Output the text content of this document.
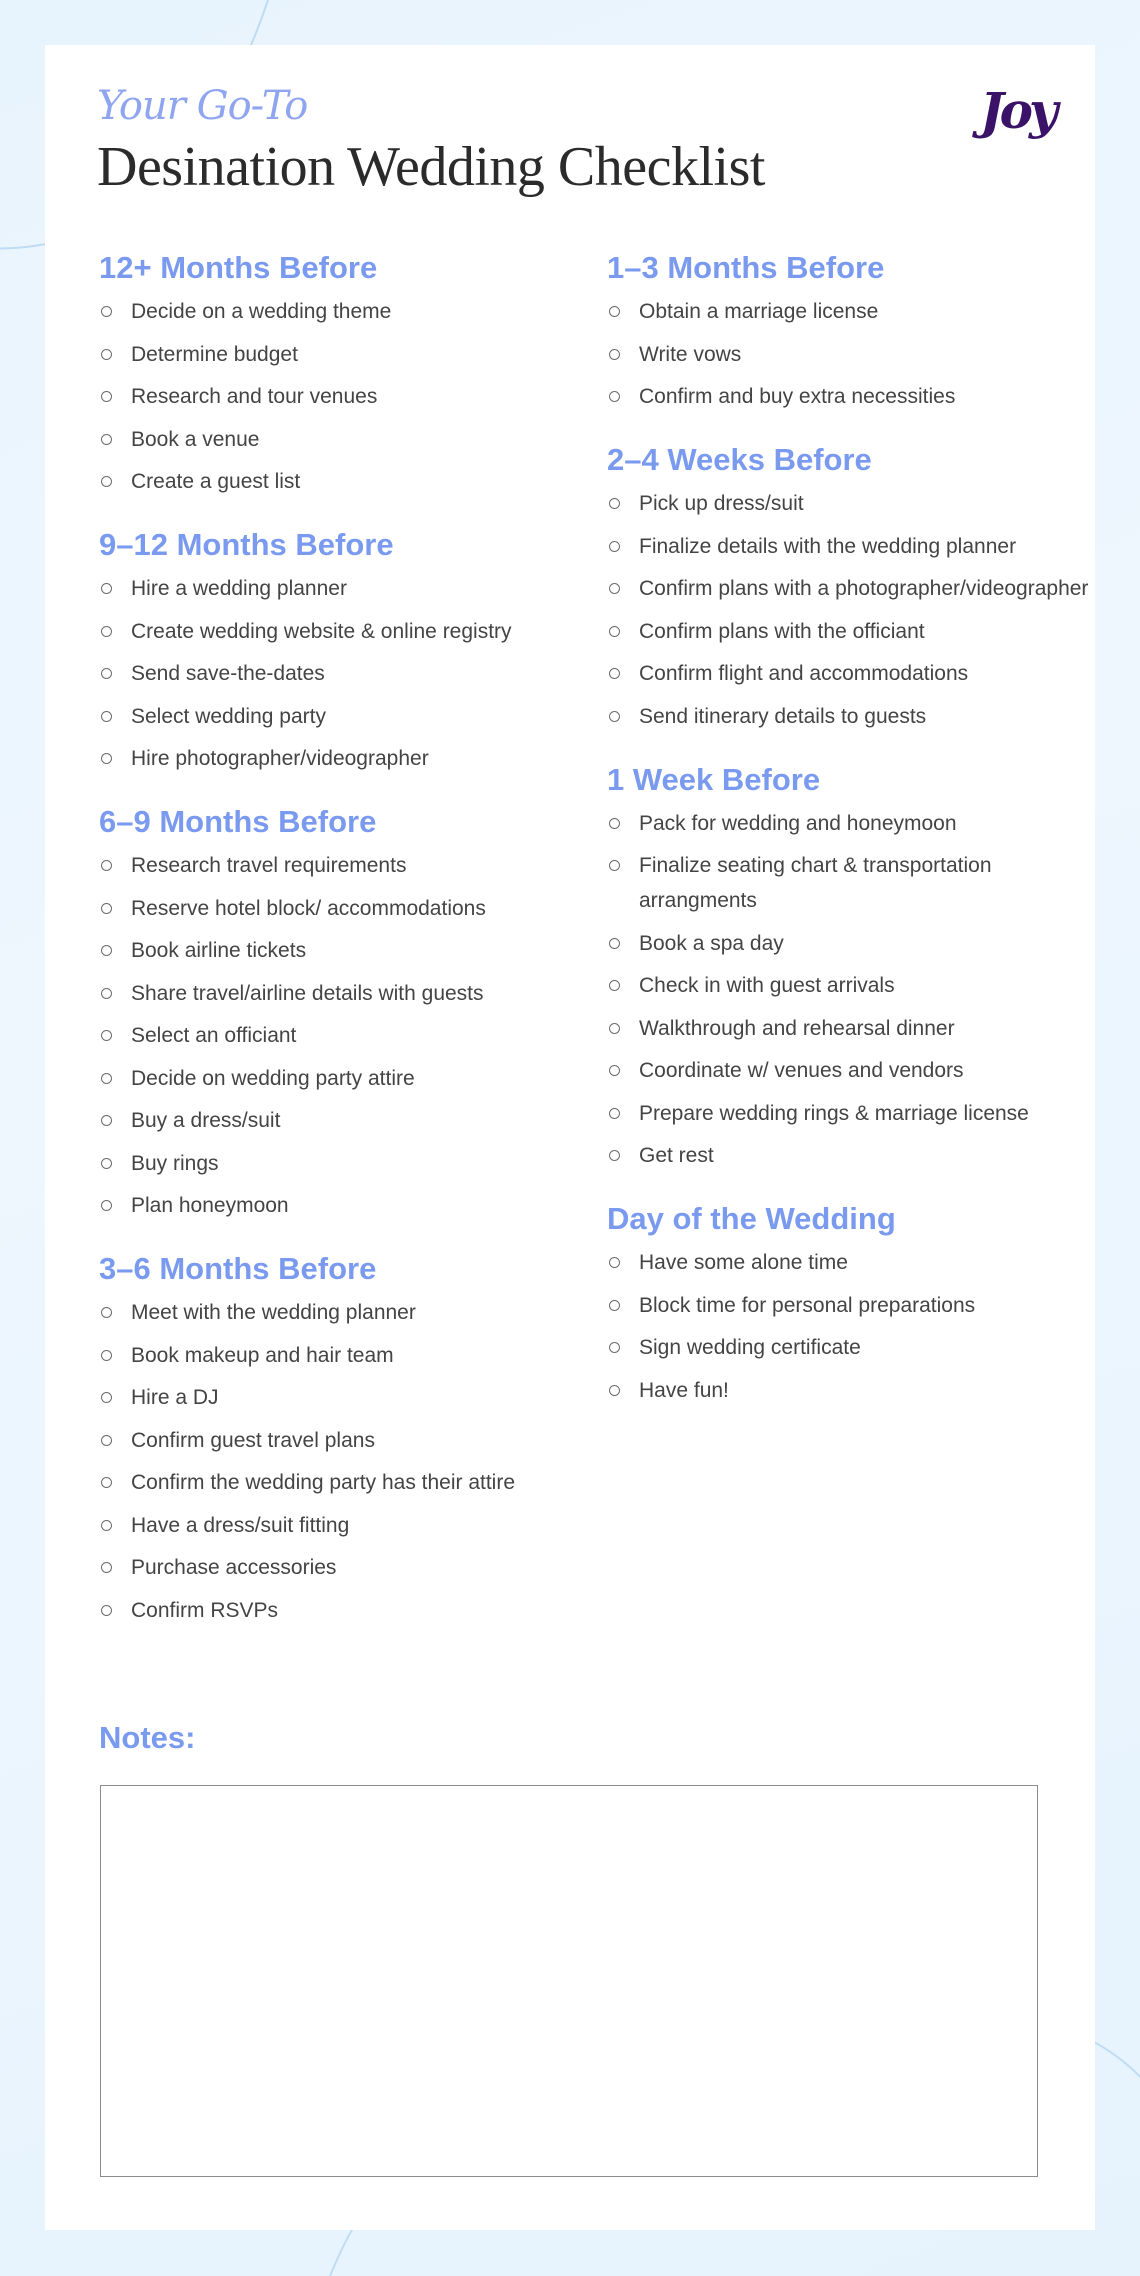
Your Go-To
Desination Wedding Checklist
Joy
12+ Months Before
Decide on a wedding theme
Determine budget
Research and tour venues
Book a venue
Create a guest list
9–12 Months Before
Hire a wedding planner
Create wedding website & online registry
Send save-the-dates
Select wedding party
Hire photographer/videographer
6–9 Months Before
Research travel requirements
Reserve hotel block/ accommodations
Book airline tickets
Share travel/airline details with guests
Select an officiant
Decide on wedding party attire
Buy a dress/suit
Buy rings
Plan honeymoon
3–6 Months Before
Meet with the wedding planner
Book makeup and hair team
Hire a DJ
Confirm guest travel plans
Confirm the wedding party has their attire
Have a dress/suit fitting
Purchase accessories
Confirm RSVPs
1–3 Months Before
Obtain a marriage license
Write vows
Confirm and buy extra necessities
2–4 Weeks Before
Pick up dress/suit
Finalize details with the wedding planner
Confirm plans with a photographer/videographer
Confirm plans with the officiant
Confirm flight and accommodations
Send itinerary details to guests
1 Week Before
Pack for wedding and honeymoon
Finalize seating chart & transportation arrangments
Book a spa day
Check in with guest arrivals
Walkthrough and rehearsal dinner
Coordinate w/ venues and vendors
Prepare wedding rings & marriage license
Get rest
Day of the Wedding
Have some alone time
Block time for personal preparations
Sign wedding certificate
Have fun!
Notes:
